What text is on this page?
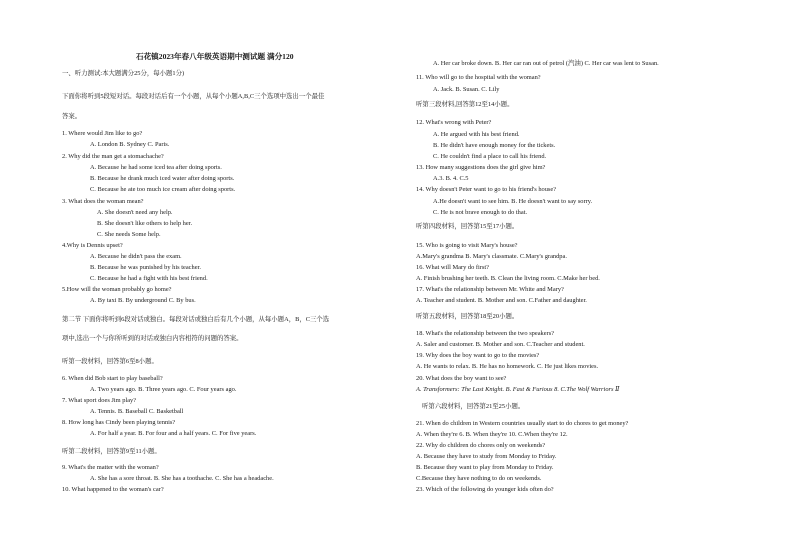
石花镇2023年春八年级英语期中测试题 满分120
一、听力测试:本大题满分25分，每小题1分)
下面你将听到5段短对话。每段对话后有一个小题，从每个小题A,B,C三个选项中选出一个最佳
答案。
1. Where would Jim like to go?
A. London B. Sydney C. Paris.
2. Why did the man get a stomachache?
A. Because he had some iced tea after doing sports.
B. Because he drank much iced water after doing sports.
C. Because he ate too much ice cream after doing sports.
3. What does the woman mean?
A. She doesn't need any help.
B. She doesn't like others to help her.
C. She needs Some help.
4.Why is Dennis upset?
A. Because he didn't pass the exam.
B. Because he was punished by his teacher.
C. Because he had a fight with his best friend.
5.How will the woman probably go home?
A. By taxi B. By underground C. By bus.
第二节 下面你将听到6段对话或独白。每段对话或独白后有几个小题，从每小题A，B，C三个选
项中,选出一个与你所听到的对话或独白内容相符的问题的答案。
听第一段材料，回答第6至8小题。
6. When did Bob start to play baseball?
A. Two years ago. B. Three years ago. C. Four years ago.
7. What sport does Jim play?
A. Tennis. B. Baseball C. Basketball
8. How long has Cindy been playing tennis?
A. For half a year. B. For four and a half years. C. For five years.
听第二段材料，回答第9至11小题。
9. What's the matter with the woman?
A. She has a sore throat. B. She has a toothache. C. She has a headache.
10. What happened to the woman's car?
A. Her car broke down. B. Her car ran out of petrol (汽油) C. Her car was lent to Susan.
11. Who will go to the hospital with the woman?
A. Jack. B. Susan. C. Lily
听第三段材料,回答第12至14小题。
12. What's wrong with Peter?
A. He argued with his best friend.
B. He didn't have enough money for the tickets.
C. He couldn't find a place to call his friend.
13. How many suggestions does the girl give him?
A.3. B. 4. C.5
14. Why doesn't Peter want to go to his friend's house?
A.He doesn't want to see him. B. He doesn't want to say sorry.
C. He is not brave enough to do that.
听第四段材料，回答第15至17小题。
15. Who is going to visit Mary's house?
A.Mary's grandma B. Mary's classmate. C.Mary's grandpa.
16. What will Mary do first?
A. Finish brushing her teeth. B. Clean the living room. C.Make her bed.
17. What's the relationship between Mr. White and Mary?
A. Teacher and student. B. Mother and son. C.Father and daughter.
听第五段材料，回答第18至20小题。
18. What's the relationship between the two speakers?
A. Saler and customer. B. Mother and son. C.Teacher and student.
19. Why does the boy want to go to the movies?
A. He wants to relax. B. He has no homework. C. He just likes movies.
20. What does the boy want to see?
A. Transformers: The Last Knight. B. Fast & Furious 8. C.The Wolf Warriors Ⅱ
听第六段材料，回答第21至25小题。
21. When do children in Western countries usually start to do chores to get money?
A. When they're 6. B. When they're 10. C.When they're 12.
22. Why do children do chores only on weekends?
A. Because they have to study from Monday to Friday.
B. Because they want to play from Monday to Friday.
C.Because they have nothing to do on weekends.
23. Which of the following do younger kids often do?
